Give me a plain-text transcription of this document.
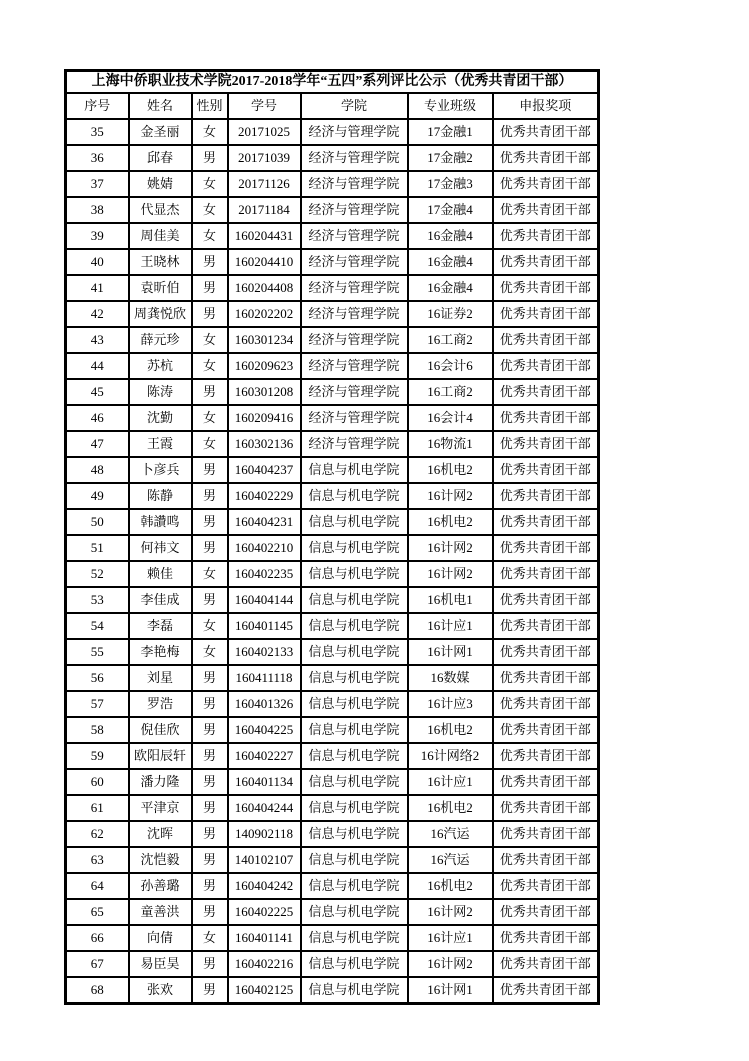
上海中侨职业技术学院2017-2018学年“五四”系列评比公示（优秀共青团干部）						
序号	姓名	性别	学号	学院	专业班级	申报奖项
35	金圣丽	女	20171025	经济与管理学院	17金融1	优秀共青团干部
36	邱春	男	20171039	经济与管理学院	17金融2	优秀共青团干部
37	姚婧	女	20171126	经济与管理学院	17金融3	优秀共青团干部
38	代显杰	女	20171184	经济与管理学院	17金融4	优秀共青团干部
39	周佳美	女	160204431	经济与管理学院	16金融4	优秀共青团干部
40	王晓林	男	160204410	经济与管理学院	16金融4	优秀共青团干部
41	袁昕伯	男	160204408	经济与管理学院	16金融4	优秀共青团干部
42	周龚悦欣	男	160202202	经济与管理学院	16证券2	优秀共青团干部
43	薛元珍	女	160301234	经济与管理学院	16工商2	优秀共青团干部
44	苏杭	女	160209623	经济与管理学院	16会计6	优秀共青团干部
45	陈涛	男	160301208	经济与管理学院	16工商2	优秀共青团干部
46	沈勤	女	160209416	经济与管理学院	16会计4	优秀共青团干部
47	王霞	女	160302136	经济与管理学院	16物流1	优秀共青团干部
48	卜彦兵	男	160404237	信息与机电学院	16机电2	优秀共青团干部
49	陈静	男	160402229	信息与机电学院	16计网2	优秀共青团干部
50	韩讚鸣	男	160404231	信息与机电学院	16机电2	优秀共青团干部
51	何祎文	男	160402210	信息与机电学院	16计网2	优秀共青团干部
52	赖佳	女	160402235	信息与机电学院	16计网2	优秀共青团干部
53	李佳成	男	160404144	信息与机电学院	16机电1	优秀共青团干部
54	李磊	女	160401145	信息与机电学院	16计应1	优秀共青团干部
55	李艳梅	女	160402133	信息与机电学院	16计网1	优秀共青团干部
56	刘星	男	160411118	信息与机电学院	16数媒	优秀共青团干部
57	罗浩	男	160401326	信息与机电学院	16计应3	优秀共青团干部
58	倪佳欣	男	160404225	信息与机电学院	16机电2	优秀共青团干部
59	欧阳辰轩	男	160402227	信息与机电学院	16计网络2	优秀共青团干部
60	潘力隆	男	160401134	信息与机电学院	16计应1	优秀共青团干部
61	平津京	男	160404244	信息与机电学院	16机电2	优秀共青团干部
62	沈晖	男	140902118	信息与机电学院	16汽运	优秀共青团干部
63	沈恺毅	男	140102107	信息与机电学院	16汽运	优秀共青团干部
64	孙善璐	男	160404242	信息与机电学院	16机电2	优秀共青团干部
65	童善洪	男	160402225	信息与机电学院	16计网2	优秀共青团干部
66	向倩	女	160401141	信息与机电学院	16计应1	优秀共青团干部
67	易臣昊	男	160402216	信息与机电学院	16计网2	优秀共青团干部
68	张欢	男	160402125	信息与机电学院	16计网1	优秀共青团干部
